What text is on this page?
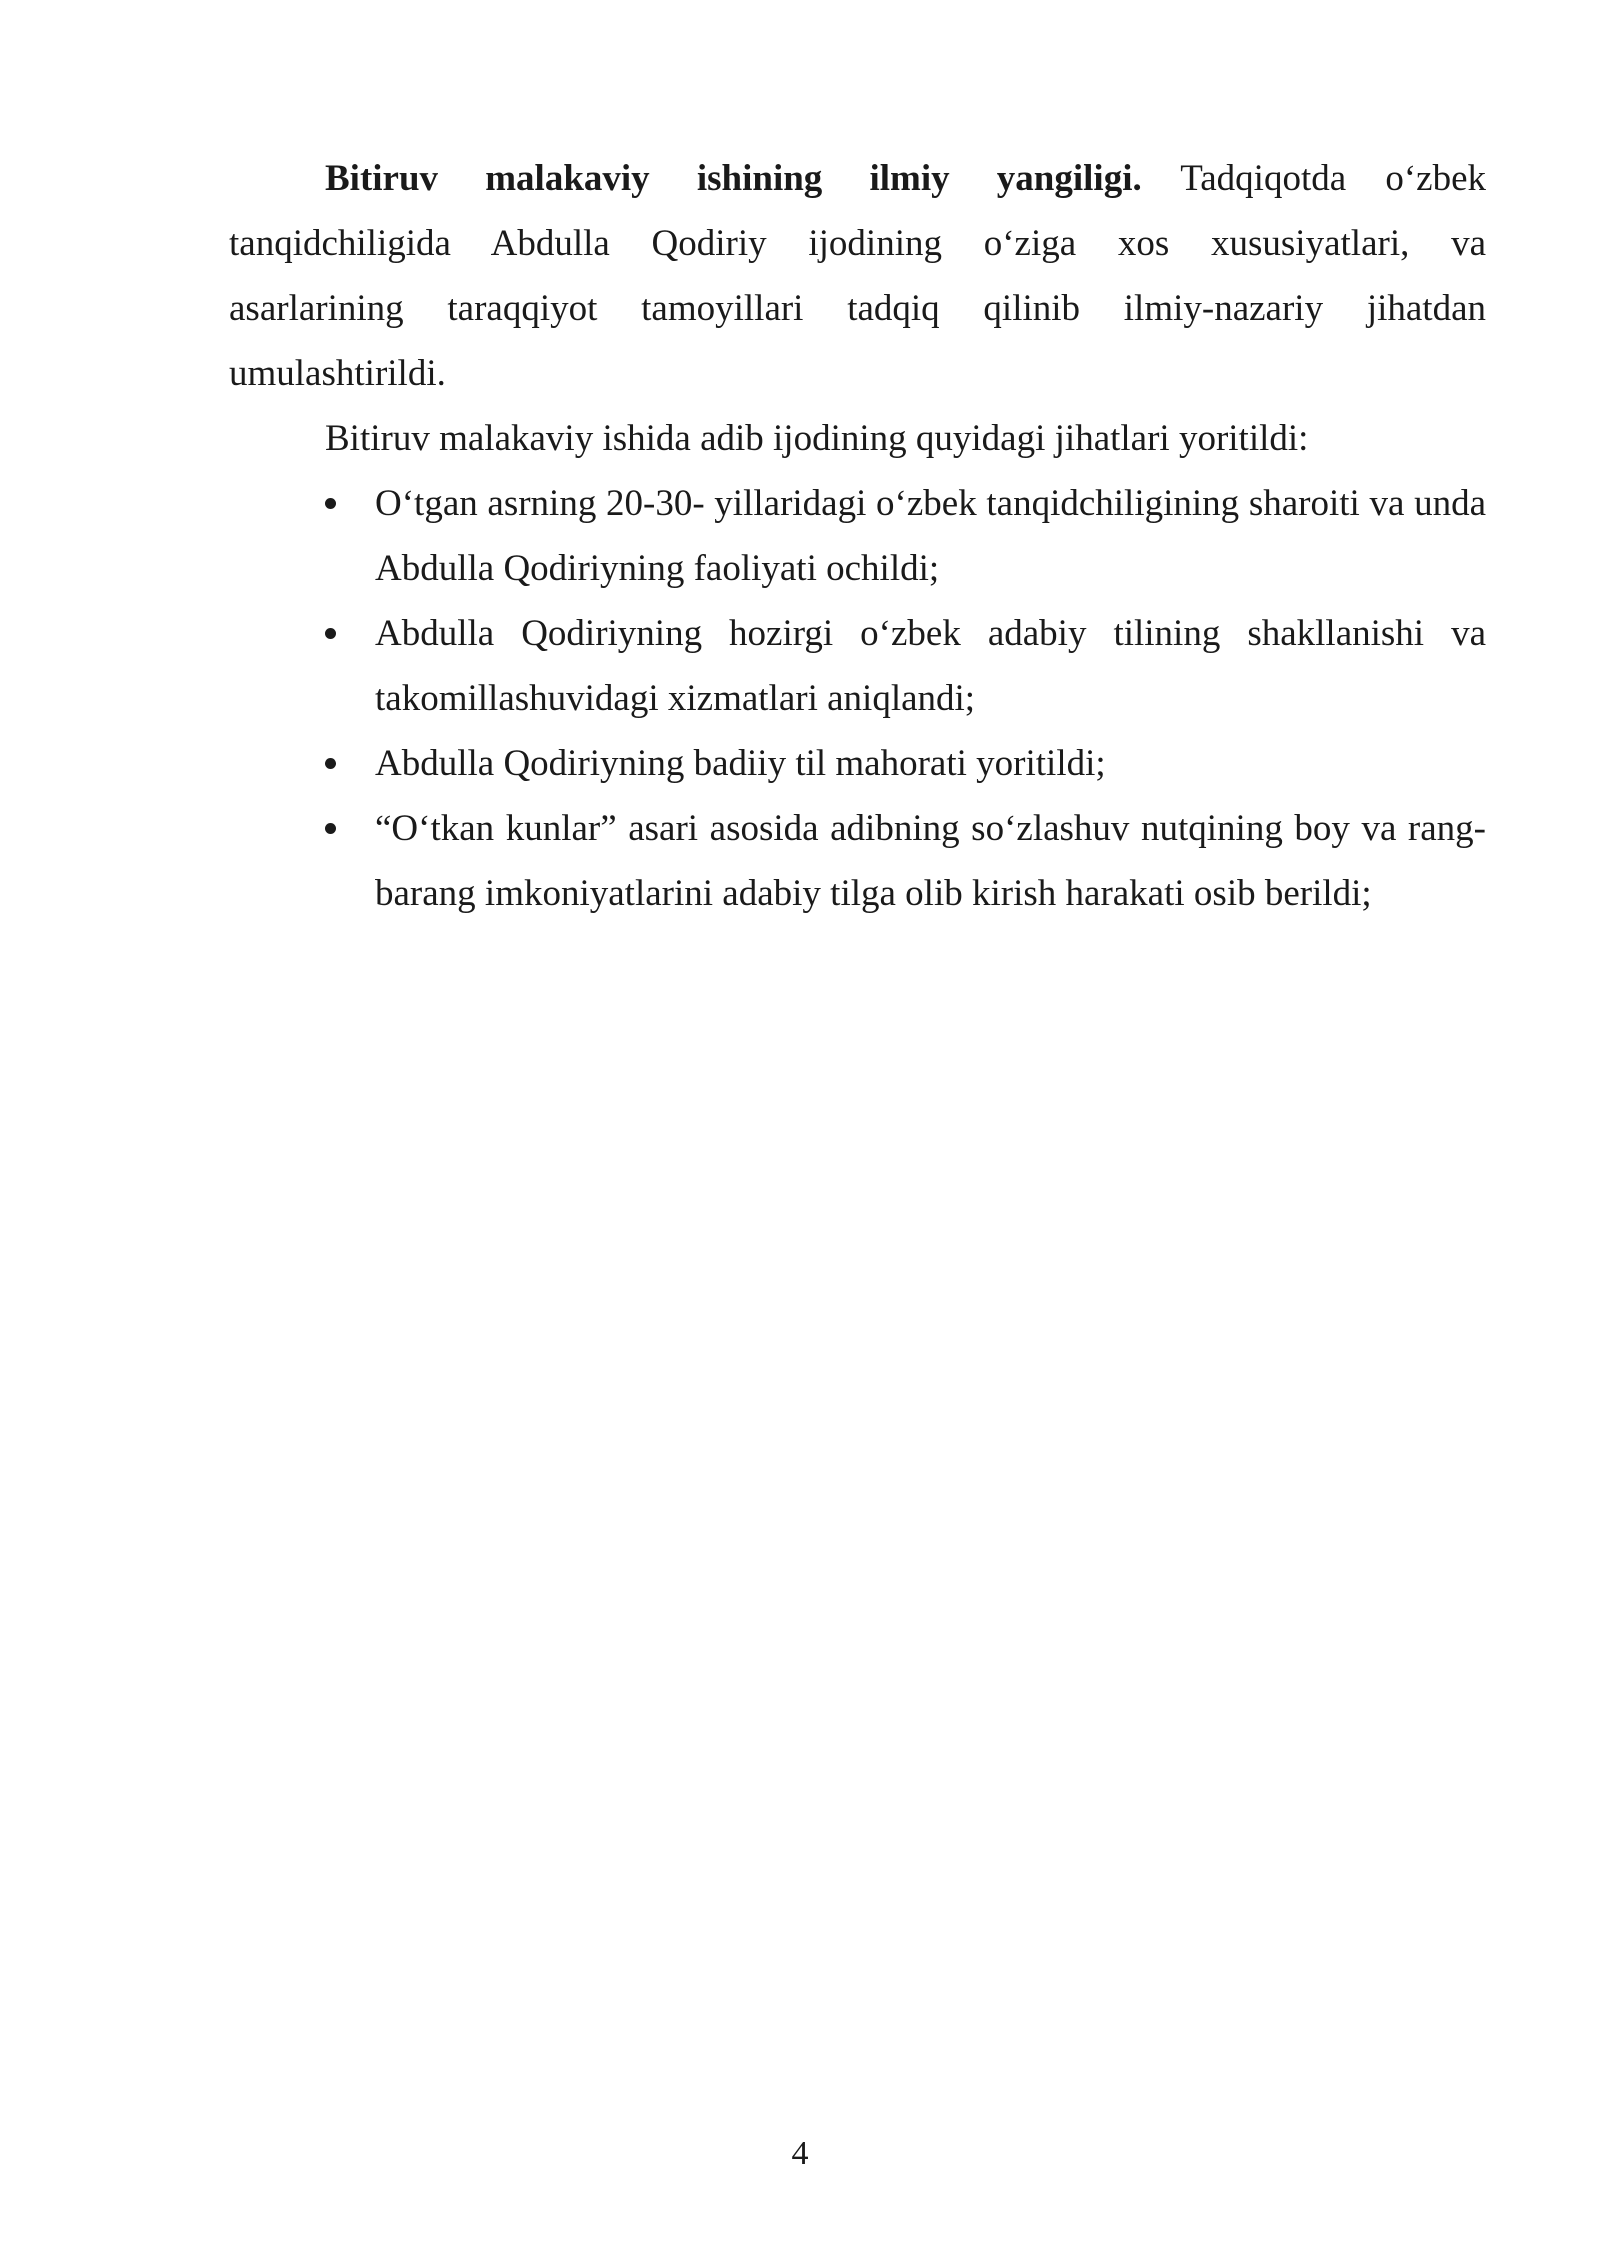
Bitiruv malakaviy ishining ilmiy yangiligi. Tadqiqotda o‘zbek tanqidchiligida Abdulla Qodiriy ijodining o‘ziga xos xususiyatlari, va asarlarining taraqqiyot tamoyillari tadqiq qilinib ilmiy-nazariy jihatdan umulashtirildi.

Bitiruv malakaviy ishida adib ijodining quyidagi jihatlari yoritildi:

O‘tgan asrning 20-30- yillaridagi o‘zbek tanqidchiligining sharoiti va unda Abdulla Qodiriyning faoliyati ochildi;
Abdulla Qodiriyning hozirgi o‘zbek adabiy tilining shakllanishi va takomillashuvidagi xizmatlari aniqlandi;
Abdulla Qodiriyning badiiy til mahorati yoritildi;
“O‘tkan kunlar” asari asosida adibning so‘zlashuv nutqining boy va rang-barang imkoniyatlarini adabiy tilga olib kirish harakati osib berildi;
4
